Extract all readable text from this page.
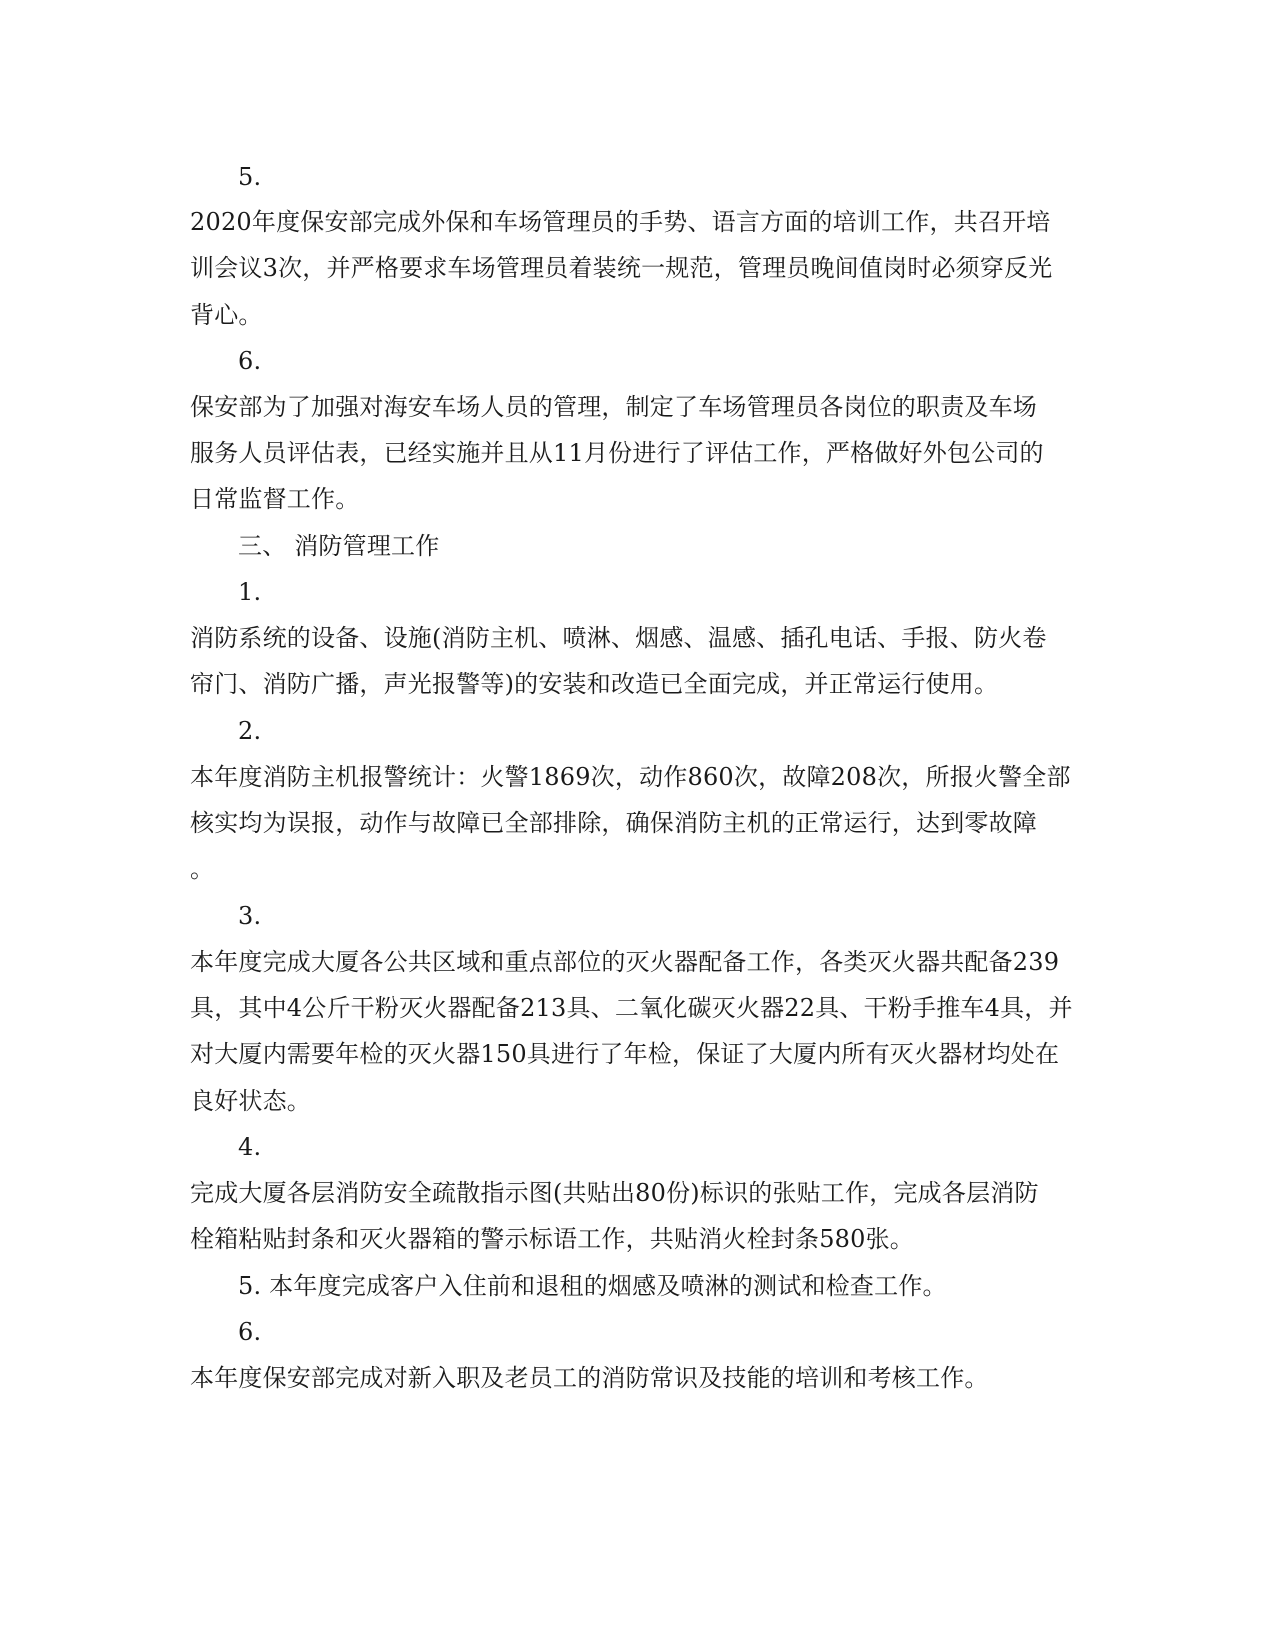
5.
2020年度保安部完成外保和车场管理员的手势、语言方面的培训工作，共召开培
训会议3次，并严格要求车场管理员着装统一规范，管理员晚间值岗时必须穿反光
背心。
6.
保安部为了加强对海安车场人员的管理，制定了车场管理员各岗位的职责及车场
服务人员评估表，已经实施并且从11月份进行了评估工作，严格做好外包公司的
日常监督工作。
三、 消防管理工作
1.
消防系统的设备、设施(消防主机、喷淋、烟感、温感、插孔电话、手报、防火卷
帘门、消防广播，声光报警等)的安装和改造已全面完成，并正常运行使用。
2.
本年度消防主机报警统计：火警1869次，动作860次，故障208次，所报火警全部
核实均为误报，动作与故障已全部排除，确保消防主机的正常运行，达到零故障
。
3.
本年度完成大厦各公共区域和重点部位的灭火器配备工作，各类灭火器共配备239
具，其中4公斤干粉灭火器配备213具、二氧化碳灭火器22具、干粉手推车4具，并
对大厦内需要年检的灭火器150具进行了年检，保证了大厦内所有灭火器材均处在
良好状态。
4.
完成大厦各层消防安全疏散指示图(共贴出80份)标识的张贴工作，完成各层消防
栓箱粘贴封条和灭火器箱的警示标语工作，共贴消火栓封条580张。
5. 本年度完成客户入住前和退租的烟感及喷淋的测试和检查工作。
6.
本年度保安部完成对新入职及老员工的消防常识及技能的培训和考核工作。
